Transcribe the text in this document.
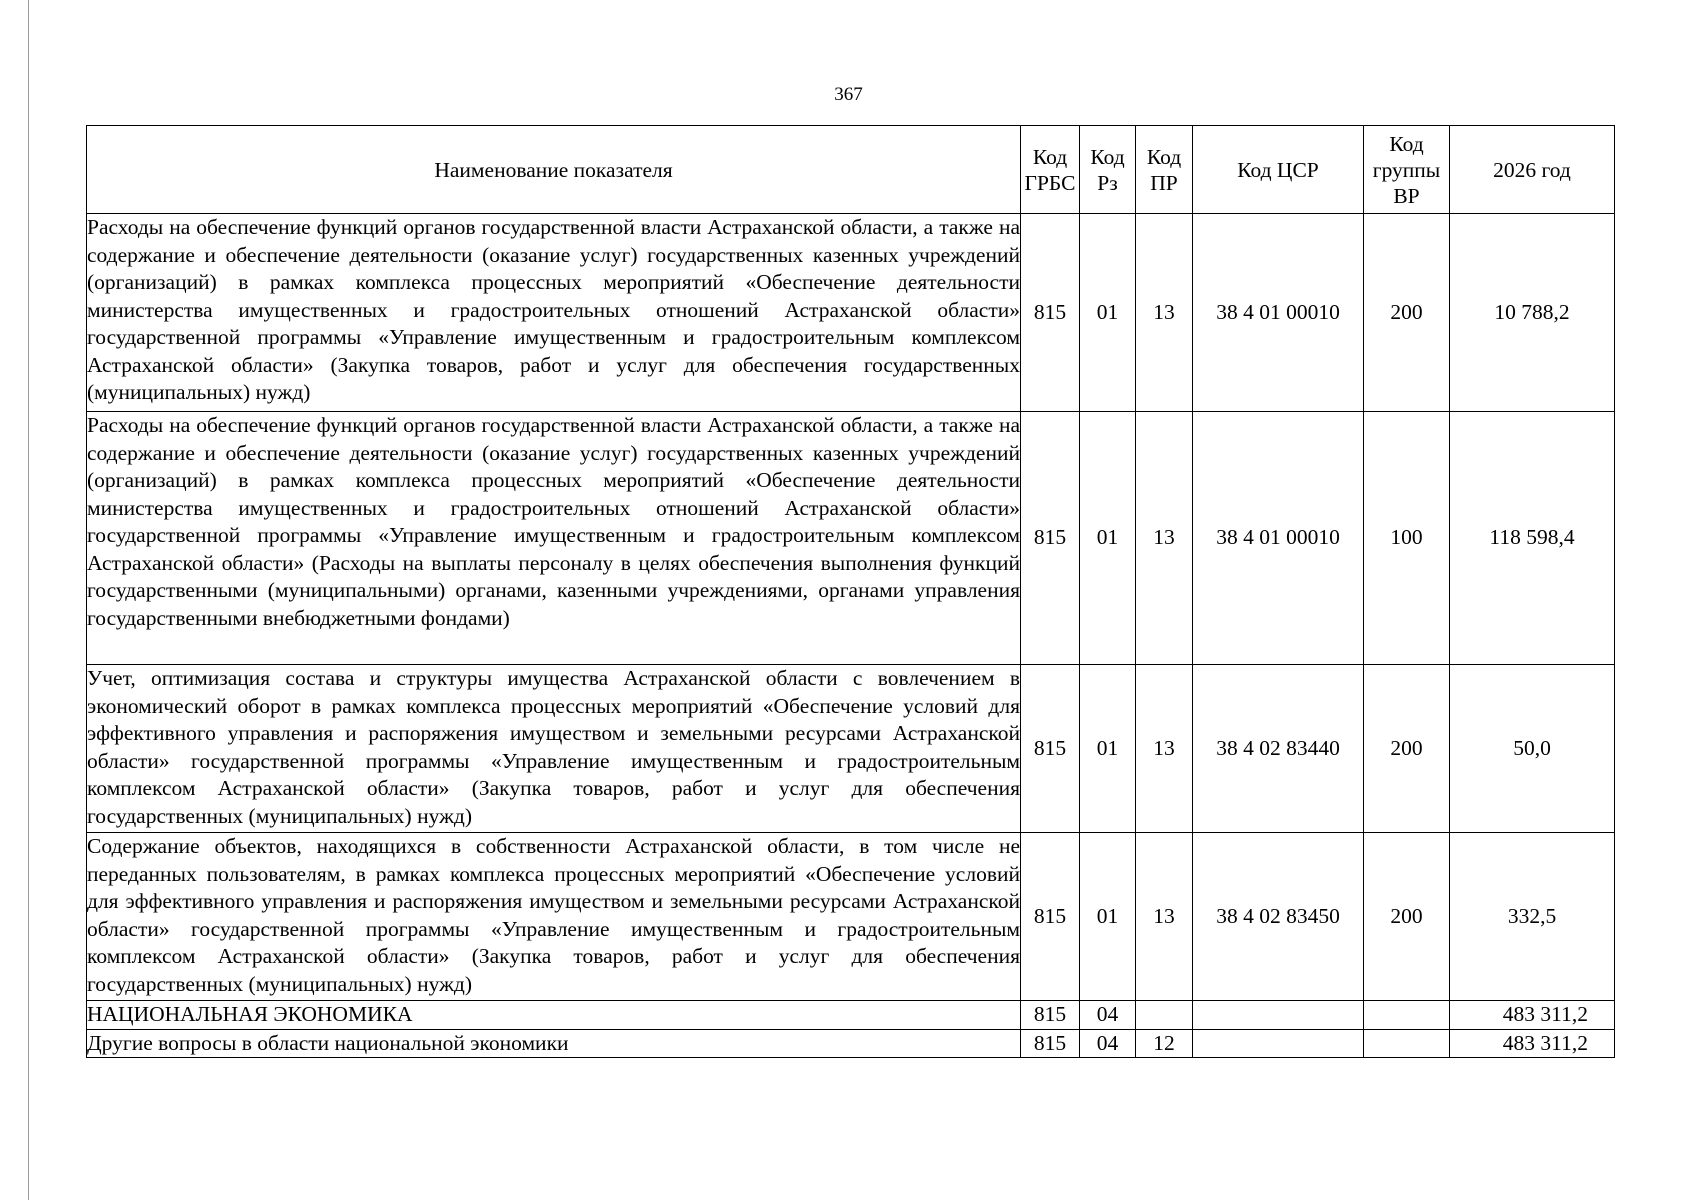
367
Наименование показателя	Код ГРБС	Код Рз	Код ПР	Код ЦСР	Код группы ВР	2026 год
Расходы на обеспечение функций органов государственной власти Астраханской области, а также на содержание и обеспечение деятельности (оказание услуг) государственных казенных учреждений (организаций) в рамках комплекса процессных мероприятий «Обеспечение деятельности министерства имущественных и градостроительных отношений Астраханской области» государственной программы «Управление имущественным и градостроительным комплексом Астраханской области» (Закупка товаров, работ и услуг для обеспечения государственных (муниципальных) нужд)	815	01	13	38 4 01 00010	200	10 788,2
Расходы на обеспечение функций органов государственной власти Астраханской области, а также на содержание и обеспечение деятельности (оказание услуг) государственных казенных учреждений (организаций) в рамках комплекса процессных мероприятий «Обеспечение деятельности министерства имущественных и градостроительных отношений Астраханской области» государственной программы «Управление имущественным и градостроительным комплексом Астраханской области» (Расходы на выплаты персоналу в целях обеспечения выполнения функций государственными (муниципальными) органами, казенными учреждениями, органами управления государственными внебюджетными фондами)	815	01	13	38 4 01 00010	100	118 598,4
Учет, оптимизация состава и структуры имущества Астраханской области с вовлечением в экономический оборот в рамках комплекса процессных мероприятий «Обеспечение условий для эффективного управления и распоряжения имуществом и земельными ресурсами Астраханской области» государственной программы «Управление имущественным и градостроительным комплексом Астраханской области» (Закупка товаров, работ и услуг для обеспечения государственных (муниципальных) нужд)	815	01	13	38 4 02 83440	200	50,0
Содержание объектов, находящихся в собственности Астраханской области, в том числе не переданных пользователям, в рамках комплекса процессных мероприятий «Обеспечение условий для эффективного управления и распоряжения имуществом и земельными ресурсами Астраханской области» государственной программы «Управление имущественным и градостроительным комплексом Астраханской области» (Закупка товаров, работ и услуг для обеспечения государственных (муниципальных) нужд)	815	01	13	38 4 02 83450	200	332,5
НАЦИОНАЛЬНАЯ ЭКОНОМИКА	815	04				483 311,2
Другие вопросы в области национальной экономики	815	04	12			483 311,2
